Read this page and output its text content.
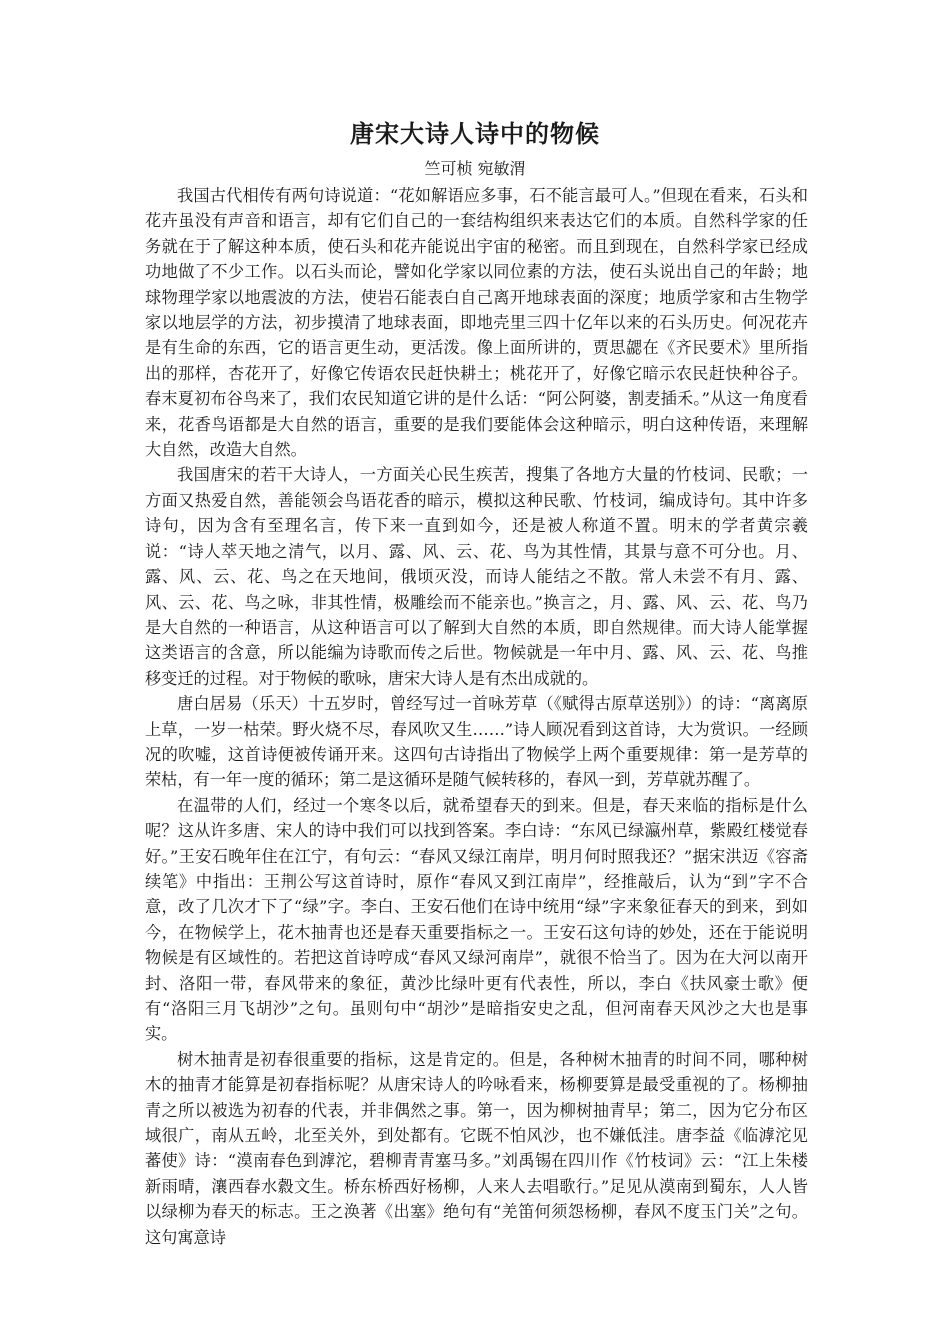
唐宋大诗人诗中的物候
竺可桢 宛敏渭

我国古代相传有两句诗说道：“花如解语应多事，石不能言最可人。”但现在看来，石头和花卉虽没有声音和语言，却有它们自己的一套结构组织来表达它们的本质。自然科学家的任务就在于了解这种本质，使石头和花卉能说出宇宙的秘密。而且到现在，自然科学家已经成功地做了不少工作。以石头而论，譬如化学家以同位素的方法，使石头说出自己的年龄；地球物理学家以地震波的方法，使岩石能表白自己离开地球表面的深度；地质学家和古生物学家以地层学的方法，初步摸清了地球表面，即地壳里三四十亿年以来的石头历史。何况花卉是有生命的东西，它的语言更生动，更活泼。像上面所讲的，贾思勰在《齐民要术》里所指出的那样，杏花开了，好像它传语农民赶快耕土；桃花开了，好像它暗示农民赶快种谷子。春末夏初布谷鸟来了，我们农民知道它讲的是什么话：“阿公阿婆，割麦插禾。”从这一角度看来，花香鸟语都是大自然的语言，重要的是我们要能体会这种暗示，明白这种传语，来理解大自然，改造大自然。

我国唐宋的若干大诗人，一方面关心民生疾苦，搜集了各地方大量的竹枝词、民歌；一方面又热爱自然，善能领会鸟语花香的暗示，模拟这种民歌、竹枝词，编成诗句。其中许多诗句，因为含有至理名言，传下来一直到如今，还是被人称道不置。明末的学者黄宗羲说：“诗人萃天地之清气，以月、露、风、云、花、鸟为其性情，其景与意不可分也。月、露、风、云、花、鸟之在天地间，俄顷灭没，而诗人能结之不散。常人未尝不有月、露、风、云、花、鸟之咏，非其性情，极雕绘而不能亲也。”换言之，月、露、风、云、花、鸟乃是大自然的一种语言，从这种语言可以了解到大自然的本质，即自然规律。而大诗人能掌握这类语言的含意，所以能编为诗歌而传之后世。物候就是一年中月、露、风、云、花、鸟推移变迁的过程。对于物候的歌咏，唐宋大诗人是有杰出成就的。

唐白居易（乐天）十五岁时，曾经写过一首咏芳草（《赋得古原草送别》）的诗：“离离原上草，一岁一枯荣。野火烧不尽，春风吹又生……”诗人顾况看到这首诗，大为赏识。一经顾况的吹嘘，这首诗便被传诵开来。这四句古诗指出了物候学上两个重要规律：第一是芳草的荣枯，有一年一度的循环；第二是这循环是随气候转移的，春风一到，芳草就苏醒了。

在温带的人们，经过一个寒冬以后，就希望春天的到来。但是，春天来临的指标是什么呢？这从许多唐、宋人的诗中我们可以找到答案。李白诗：“东风已绿瀛州草，紫殿红楼觉春好。”王安石晚年住在江宁，有句云：“春风又绿江南岸，明月何时照我还？”据宋洪迈《容斋续笔》中指出：王荆公写这首诗时，原作“春风又到江南岸”，经推敲后，认为“到”字不合意，改了几次才下了“绿”字。李白、王安石他们在诗中统用“绿”字来象征春天的到来，到如今，在物候学上，花木抽青也还是春天重要指标之一。王安石这句诗的妙处，还在于能说明物候是有区域性的。若把这首诗哼成“春风又绿河南岸”，就很不恰当了。因为在大河以南开封、洛阳一带，春风带来的象征，黄沙比绿叶更有代表性，所以，李白《扶风豪士歌》便有“洛阳三月飞胡沙”之句。虽则句中“胡沙”是暗指安史之乱，但河南春天风沙之大也是事实。

树木抽青是初春很重要的指标，这是肯定的。但是，各种树木抽青的时间不同，哪种树木的抽青才能算是初春指标呢？从唐宋诗人的吟咏看来，杨柳要算是最受重视的了。杨柳抽青之所以被选为初春的代表，并非偶然之事。第一，因为柳树抽青早；第二，因为它分布区域很广，南从五岭，北至关外，到处都有。它既不怕风沙，也不嫌低洼。唐李益《临滹沱见蕃使》诗：“漠南春色到滹沱，碧柳青青塞马多。”刘禹锡在四川作《竹枝词》云：“江上朱楼新雨晴，瀼西春水縠文生。桥东桥西好杨柳，人来人去唱歌行。”足见从漠南到蜀东，人人皆以绿柳为春天的标志。王之涣著《出塞》绝句有“羌笛何须怨杨柳，春风不度玉门关”之句。这句寓意诗
